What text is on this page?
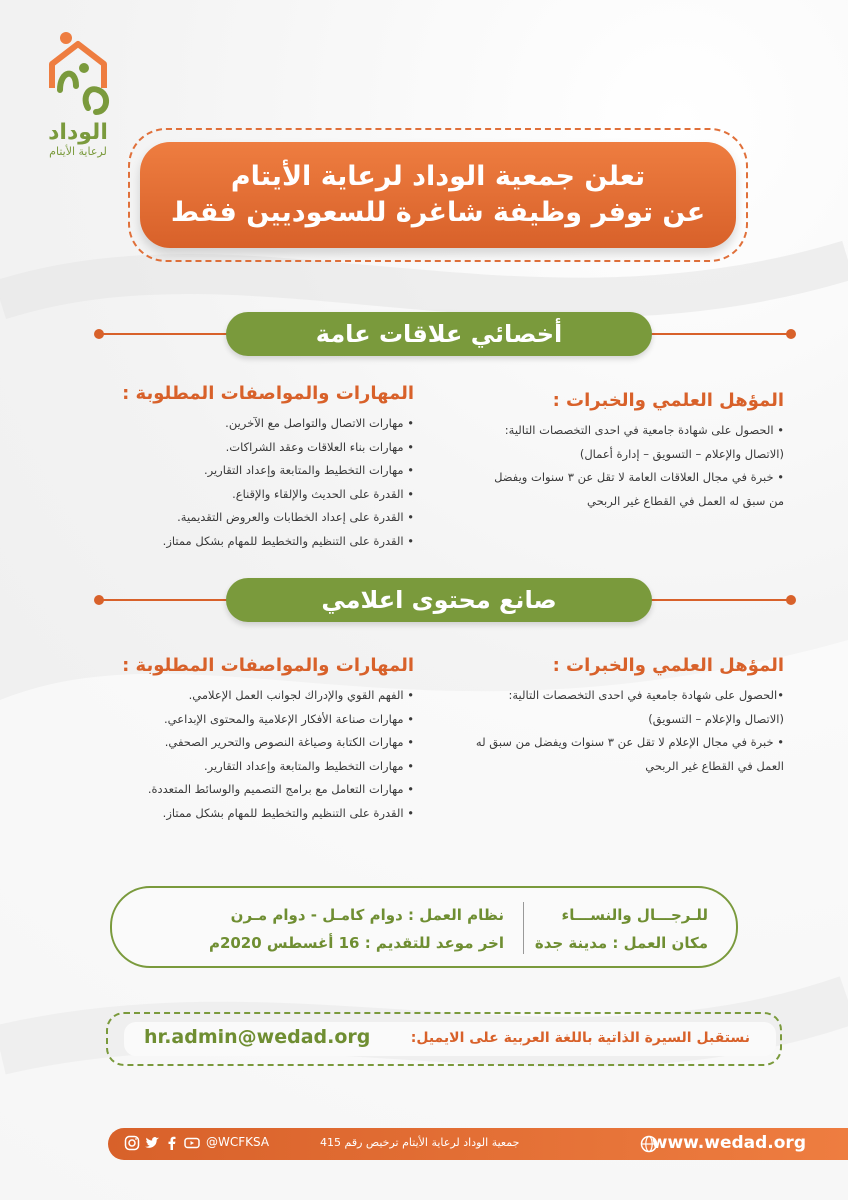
الوداد
لرعاية الأيتام
تعلن جمعية الوداد لرعاية الأيتام
عن توفر وظيفة شاغرة للسعوديين فقط
أخصائي علاقات عامة
المؤهل العلمي والخبرات :
• الحصول على شهادة جامعية في احدى التخصصات التالية:
(الاتصال والإعلام – التسويق – إدارة أعمال)
• خبرة في مجال العلاقات العامة لا تقل عن ٣ سنوات ويفضل
من سبق له العمل في القطاع غير الربحي
المهارات والمواصفات المطلوبة :
• مهارات الاتصال والتواصل مع الآخرين.
• مهارات بناء العلاقات وعقد الشراكات.
• مهارات التخطيط والمتابعة وإعداد التقارير.
• القدرة على الحديث والإلقاء والإقناع.
• القدرة على إعداد الخطابات والعروض التقديمية.
• القدرة على التنظيم والتخطيط للمهام بشكل ممتاز.
صانع محتوى اعلامي
المؤهل العلمي والخبرات :
•الحصول على شهادة جامعية في احدى التخصصات التالية:
(الاتصال والإعلام – التسويق)
• خبرة في مجال الإعلام لا تقل عن ٣ سنوات ويفضل من سبق له
العمل في القطاع غير الربحي
المهارات والمواصفات المطلوبة :
• الفهم القوي والإدراك لجوانب العمل الإعلامي.
• مهارات صناعة الأفكار الإعلامية والمحتوى الإبداعي.
• مهارات الكتابة وصياغة النصوص والتحرير الصحفي.
• مهارات التخطيط والمتابعة وإعداد التقارير.
• مهارات التعامل مع برامج التصميم والوسائط المتعددة.
• القدرة على التنظيم والتخطيط للمهام بشكل ممتاز.
للـرجـــال والنســـاء
مكان العمل : مدينة جدة
نظام العمل : دوام كامـل - دوام مـرن
اخر موعد للتقديم : 16 أغسطس 2020م
نستقبل السيرة الذاتية باللغة العربية على الايميل:
hr.admin@wedad.org
www.wedad.org
جمعية الوداد لرعاية الأيتام ترخيص رقم 415
@WCFKSA
